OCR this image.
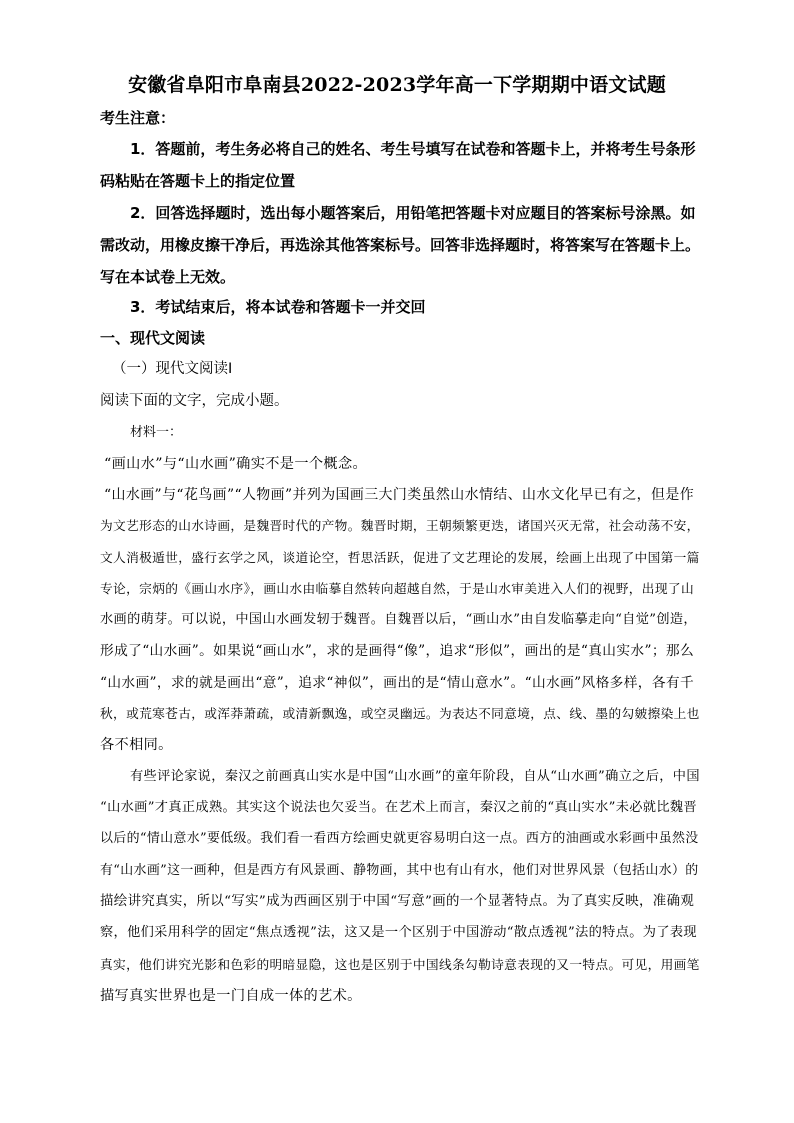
安徽省阜阳市阜南县2022-2023学年高一下学期期中语文试题
考生注意：
1．答题前，考生务必将自己的姓名、考生号填写在试卷和答题卡上，并将考生号条形
码粘贴在答题卡上的指定位置
2．回答选择题时，选出每小题答案后，用铅笔把答题卡对应题目的答案标号涂黑。如
需改动，用橡皮擦干净后，再选涂其他答案标号。回答非选择题时，将答案写在答题卡上。
写在本试卷上无效。
3．考试结束后，将本试卷和答题卡一并交回
一、现代文阅读
（一）现代文阅读Ⅰ
阅读下面的文字，完成小题。
材料一：
“画山水”与“山水画”确实不是一个概念。
“山水画”与“花鸟画”“人物画”并列为国画三大门类虽然山水情结、山水文化早已有之，但是作
为文艺形态的山水诗画，是魏晋时代的产物。魏晋时期，王朝频繁更迭，诸国兴灭无常，社会动荡不安，
文人消极遁世，盛行玄学之风，谈道论空，哲思活跃，促进了文艺理论的发展，绘画上出现了中国第一篇
专论，宗炳的《画山水序》，画山水由临摹自然转向超越自然，于是山水审美进入人们的视野，出现了山
水画的萌芽。可以说，中国山水画发轫于魏晋。自魏晋以后，“画山水”由自发临摹走向“自觉”创造，
形成了“山水画”。如果说“画山水”，求的是画得“像”，追求“形似”，画出的是“真山实水”；那么
“山水画”，求的就是画出“意”，追求“神似”，画出的是“情山意水”。“山水画”风格多样，各有千
秋，或荒寒苍古，或浑莽萧疏，或清新飘逸，或空灵幽远。为表达不同意境，点、线、墨的勾皴擦染上也
各不相同。
有些评论家说，秦汉之前画真山实水是中国“山水画”的童年阶段，自从“山水画”确立之后，中国
“山水画”才真正成熟。其实这个说法也欠妥当。在艺术上而言，秦汉之前的“真山实水”未必就比魏晋
以后的“情山意水”要低级。我们看一看西方绘画史就更容易明白这一点。西方的油画或水彩画中虽然没
有“山水画”这一画种，但是西方有风景画、静物画，其中也有山有水，他们对世界风景（包括山水）的
描绘讲究真实，所以“写实”成为西画区别于中国“写意”画的一个显著特点。为了真实反映，准确观
察，他们采用科学的固定“焦点透视”法，这又是一个区别于中国游动“散点透视”法的特点。为了表现
真实，他们讲究光影和色彩的明暗显隐，这也是区别于中国线条勾勒诗意表现的又一特点。可见，用画笔
描写真实世界也是一门自成一体的艺术。
